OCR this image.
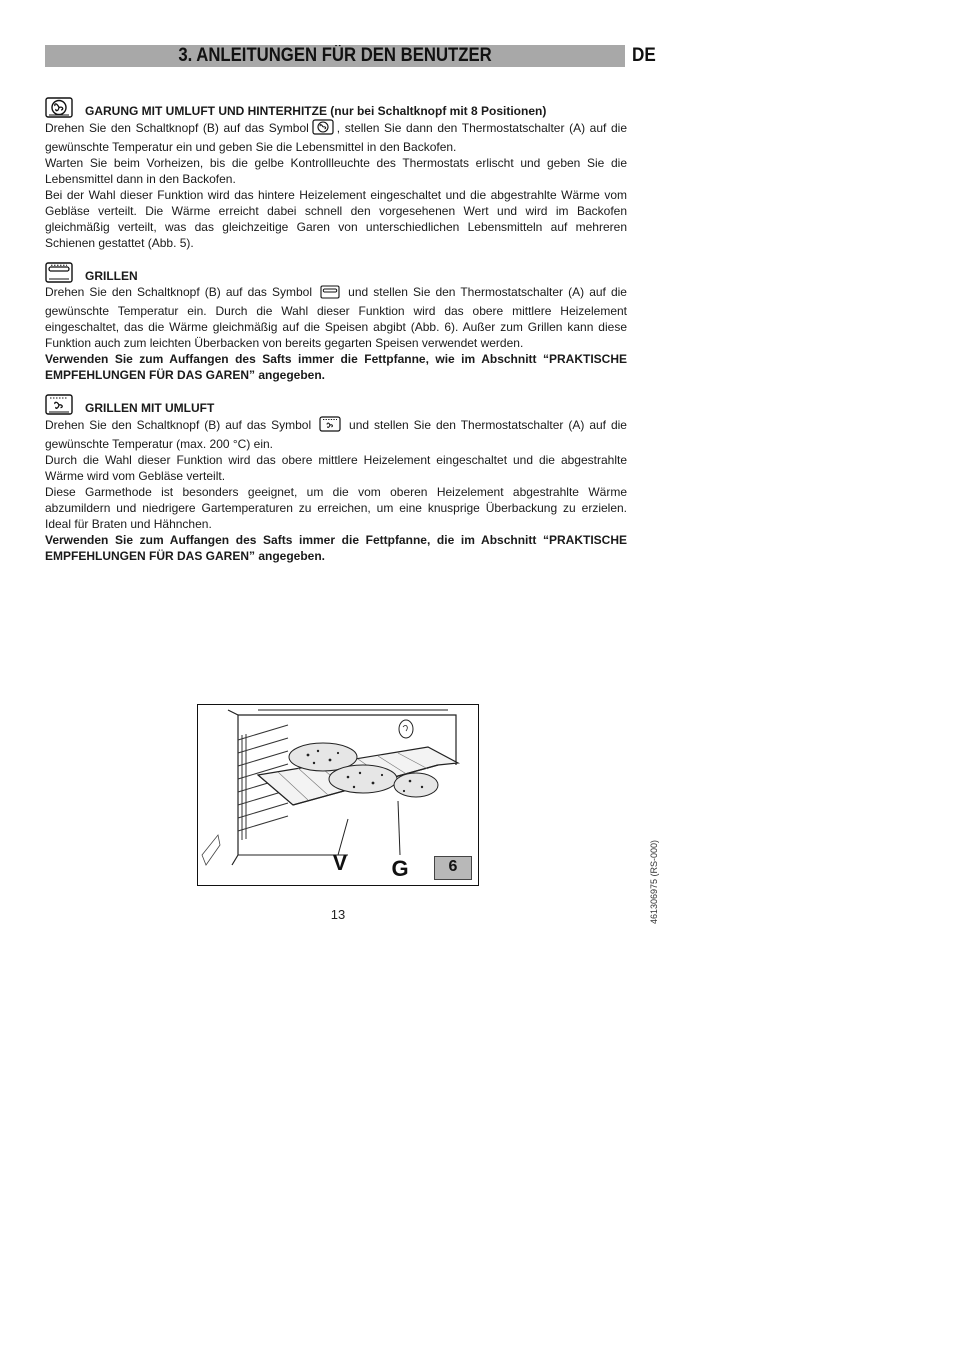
3. ANLEITUNGEN FÜR DEN BENUTZER	DE
GARUNG MIT UMLUFT UND HINTERHITZE (nur bei Schaltknopf mit 8 Positionen)

Drehen Sie den Schaltknopf (B) auf das Symbol , stellen Sie dann den Thermostatschalter (A) auf die gewünschte Temperatur ein und geben Sie die Lebensmittel in den Backofen.

Warten Sie beim Vorheizen, bis die gelbe Kontrollleuchte des Thermostats erlischt und geben Sie die Lebensmittel dann in den Backofen.

Bei der Wahl dieser Funktion wird das hintere Heizelement eingeschaltet und die abgestrahlte Wärme vom Gebläse verteilt. Die Wärme erreicht dabei schnell den vorgesehenen Wert und wird im Backofen gleichmäßig verteilt, was das gleichzeitige Garen von unterschiedlichen Lebensmitteln auf mehreren Schienen gestattet (Abb. 5).

GRILLEN

Drehen Sie den Schaltknopf (B) auf das Symbol	und stellen Sie den Thermostatschalter (A) auf die gewünschte Temperatur ein. Durch die Wahl dieser Funktion wird das obere mittlere Heizelement eingeschaltet, das die Wärme gleichmäßig auf die Speisen abgibt (Abb. 6). Außer zum Grillen kann diese Funktion auch zum leichten Überbacken von bereits gegarten Speisen verwendet werden.

Verwenden Sie zum Auffangen des Safts immer die Fettpfanne, wie im Abschnitt “PRAKTISCHE EMPFEHLUNGEN FÜR DAS GAREN” angegeben.

GRILLEN MIT UMLUFT

Drehen Sie den Schaltknopf (B) auf das Symbol	und stellen Sie den Thermostatschalter (A) auf die gewünschte Temperatur (max. 200 °C) ein.

Durch die Wahl dieser Funktion wird das obere mittlere Heizelement eingeschaltet und die abgestrahlte Wärme wird vom Gebläse verteilt.

Diese Garmethode ist besonders geeignet, um die vom oberen Heizelement abgestrahlte Wärme abzumildern und niedrigere Gartemperaturen zu erreichen, um eine knusprige Überbackung zu erzielen. Ideal für Braten und Hähnchen.

Verwenden Sie zum Auffangen des Safts immer die Fettpfanne, die im Abschnitt “PRAKTISCHE EMPFEHLUNGEN FÜR DAS GAREN” angegeben.

V G	6
13	461306975 (RS-000)
